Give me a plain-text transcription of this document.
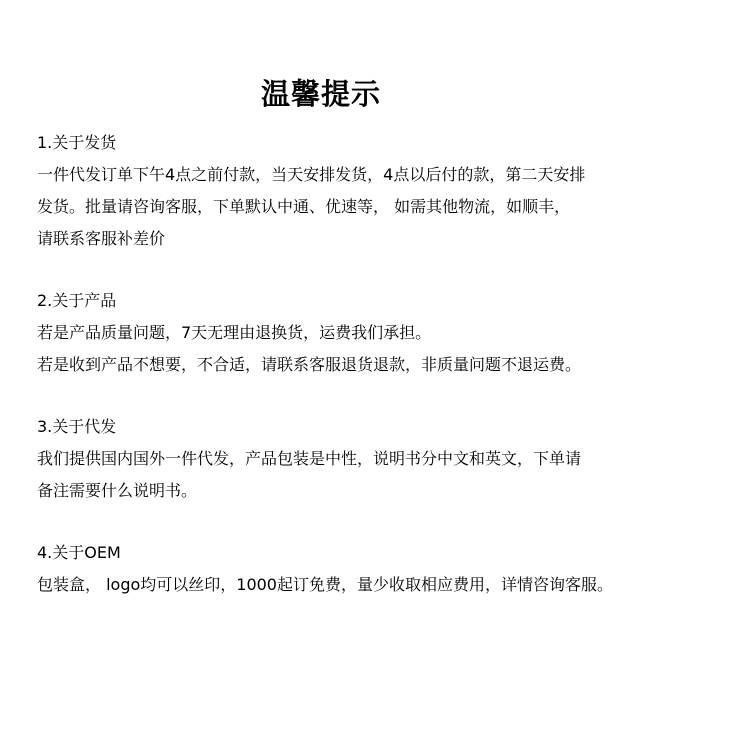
温馨提示
1.关于发货
一件代发订单下午4点之前付款，当天安排发货，4点以后付的款，第二天安排
发货。批量请咨询客服，下单默认中通、优速等， 如需其他物流，如顺丰，
请联系客服补差价
2.关于产品
若是产品质量问题，7天无理由退换货，运费我们承担。
若是收到产品不想要，不合适，请联系客服退货退款，非质量问题不退运费。
3.关于代发
我们提供国内国外一件代发，产品包装是中性，说明书分中文和英文，下单请
备注需要什么说明书。
4.关于OEM
包装盒， logo均可以丝印，1000起订免费，量少收取相应费用，详情咨询客服。
